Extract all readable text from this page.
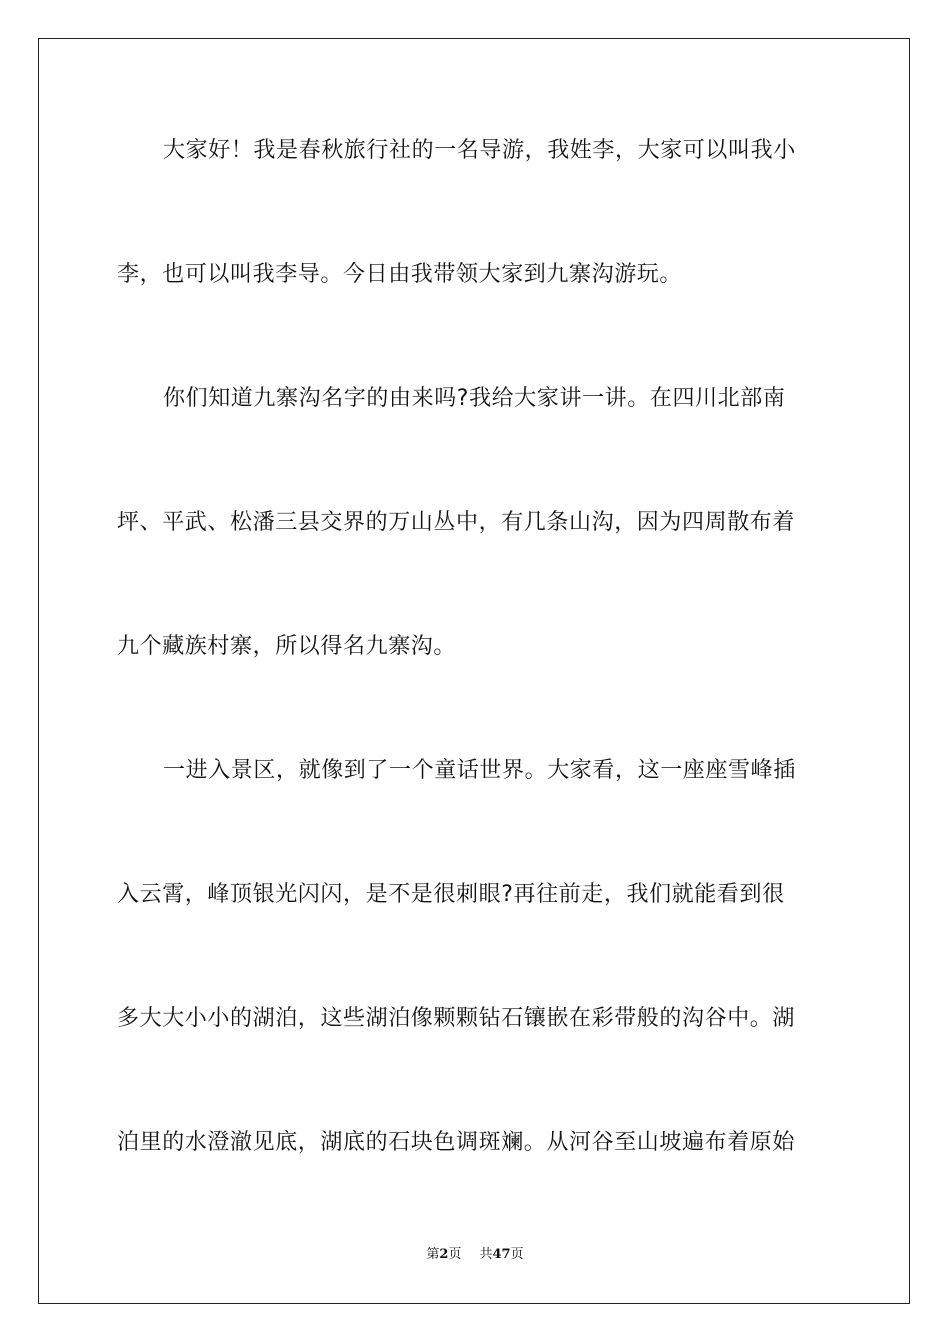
大家好！我是春秋旅行社的一名导游，我姓李，大家可以叫我小
李，也可以叫我李导。今日由我带领大家到九寨沟游玩。
你们知道九寨沟名字的由来吗?我给大家讲一讲。在四川北部南
坪、平武、松潘三县交界的万山丛中，有几条山沟，因为四周散布着
九个藏族村寨，所以得名九寨沟。
一进入景区，就像到了一个童话世界。大家看，这一座座雪峰插
入云霄，峰顶银光闪闪，是不是很刺眼?再往前走，我们就能看到很
多大大小小的湖泊，这些湖泊像颗颗钻石镶嵌在彩带般的沟谷中。湖
泊里的水澄澈见底，湖底的石块色调斑斓。从河谷至山坡遍布着原始
第2页 共47页
